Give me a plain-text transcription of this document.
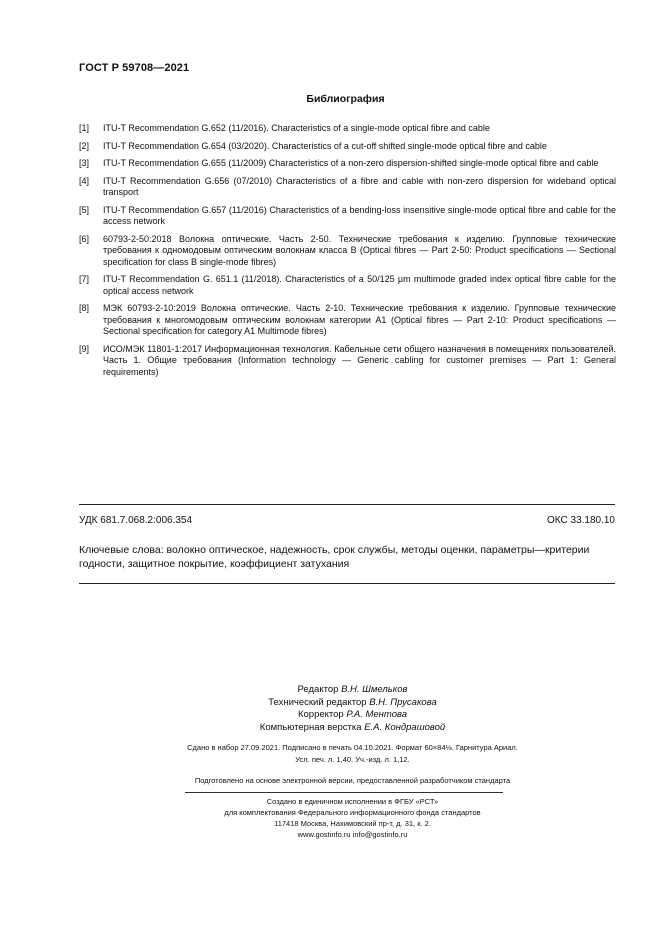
ГОСТ Р 59708—2021
Библиография
[1]	ITU-T Recommendation G.652 (11/2016). Characteristics of a single-mode optical fibre and cable
[2]	ITU-T Recommendation G.654 (03/2020). Characteristics of a cut-off shifted single-mode optical fibre and cable
[3]	ITU-T Recommendation G.655 (11/2009) Characteristics of a non-zero dispersion-shifted single-mode optical fibre and cable
[4]	ITU-T Recommendation G.656 (07/2010) Characteristics of a fibre and cable with non-zero dispersion for wideband optical transport
[5]	ITU-T Recommendation G.657 (11/2016) Characteristics of a bending-loss insensitive single-mode optical fibre and cable for the access network
[6]	60793-2-50:2018 Волокна оптические. Часть 2-50. Технические требования к изделию. Групповые технические требования к одномодовым оптическим волокнам класса В (Optical fibres — Part 2-50: Product specifications — Sectional specification for class B single-mode fibres)
[7]	ITU-T Recommendation G. 651.1 (11/2018). Characteristics of a 50/125 μm multimode graded index optical fibre cable for the optical access network
[8]	МЭК 60793-2-10:2019 Волокна оптические. Часть 2-10. Технические требования к изделию. Групповые технические требования к многомодовым оптическим волокнам категории А1 (Optical fibres — Part 2-10: Product specifications — Sectional specification for category A1 Multimode fibres)
[9]	ИСО/МЭК 11801-1:2017 Информационная технология. Кабельные сети общего назначения в помещениях пользователей. Часть 1. Общие требования (Information technology — Generic cabling for customer premises — Part 1: General requirements)
УДК 681.7.068.2:006.354	ОКС 33.180.10
Ключевые слова: волокно оптическое, надежность, срок службы, методы оценки, параметры—критерии годности, защитное покрытие, коэффициент затухания
Редактор В.Н. Шмельков
Технический редактор В.Н. Прусакова
Корректор Р.А. Ментова
Компьютерная верстка Е.А. Кондрашовой
Сдано в набор 27.09.2021. Подписано в печать 04.10.2021. Формат 60×84⅛. Гарнитура Ариал.
Усл. печ. л. 1,40. Уч.-изд. л. 1,12.
Подготовлено на основе электронной версии, предоставленной разработчиком стандарта
Создано в единичном исполнении в ФГБУ «РСТ»
для комплектования Федерального информационного фонда стандартов
117418 Москва, Нахимовский пр-т, д. 31, к. 2.
www.gostinfo.ru info@gostinfo.ru
